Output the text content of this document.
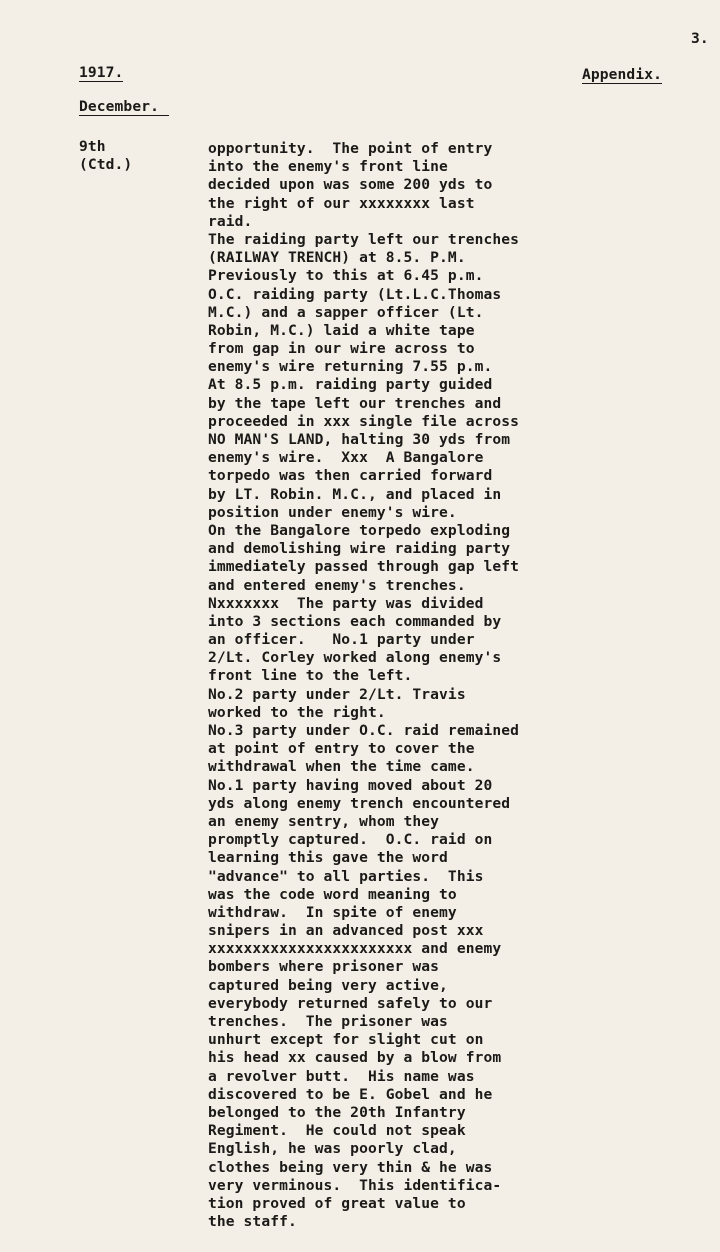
3.
1917.	Appendix.
December.
9th
(Ctd.)
opportunity.  The point of entry
into the enemy's front line
decided upon was some 200 yds to
the right of our xxxxxxxx last
raid.
The raiding party left our trenches
(RAILWAY TRENCH) at 8.5. P.M.
Previously to this at 6.45 p.m.
O.C. raiding party (Lt.L.C.Thomas
M.C.) and a sapper officer (Lt.
Robin, M.C.) laid a white tape
from gap in our wire across to
enemy's wire returning 7.55 p.m.
At 8.5 p.m. raiding party guided
by the tape left our trenches and
proceeded in xxx single file across
NO MAN'S LAND, halting 30 yds from
enemy's wire.  Xxx  A Bangalore
torpedo was then carried forward
by LT. Robin. M.C., and placed in
position under enemy's wire.
On the Bangalore torpedo exploding
and demolishing wire raiding party
immediately passed through gap left
and entered enemy's trenches.
Nxxxxxxx  The party was divided
into 3 sections each commanded by
an officer.   No.1 party under
2/Lt. Corley worked along enemy's
front line to the left.
No.2 party under 2/Lt. Travis
worked to the right.
No.3 party under O.C. raid remained
at point of entry to cover the
withdrawal when the time came.
No.1 party having moved about 20
yds along enemy trench encountered
an enemy sentry, whom they
promptly captured.  O.C. raid on
learning this gave the word
"advance" to all parties.  This
was the code word meaning to
withdraw.  In spite of enemy
snipers in an advanced post xxx
xxxxxxxxxxxxxxxxxxxxxxx and enemy
bombers where prisoner was
captured being very active,
everybody returned safely to our
trenches.  The prisoner was
unhurt except for slight cut on
his head xx caused by a blow from
a revolver butt.  His name was
discovered to be E. Gobel and he
belonged to the 20th Infantry
Regiment.  He could not speak
English, he was poorly clad,
clothes being very thin & he was
very verminous.  This identifica-
tion proved of great value to
the staff.
